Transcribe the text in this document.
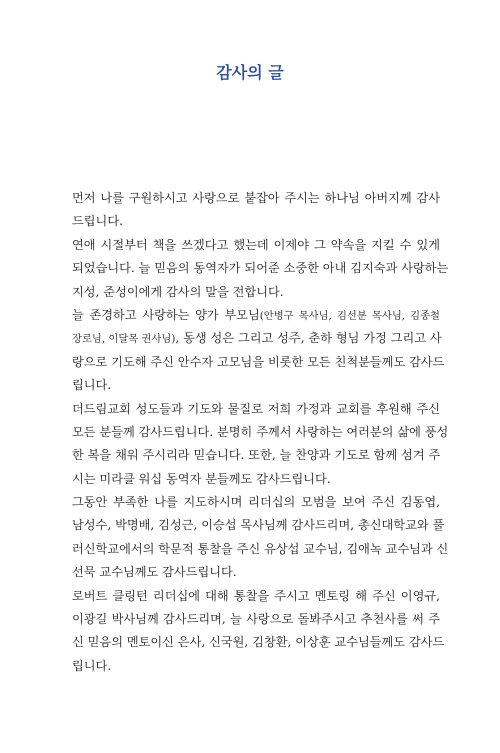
감사의 글

먼저 나를 구원하시고 사랑으로 붙잡아 주시는 하나님 아버지께 감사
드립니다.

연애 시절부터 책을 쓰겠다고 했는데 이제야 그 약속을 지킬 수 있게
되었습니다. 늘 믿음의 동역자가 되어준 소중한 아내 김지숙과 사랑하는
지성, 준성이에게 감사의 말을 전합니다.

늘 존경하고 사랑하는 양가 부모님(안병구 목사님, 김선분 목사님, 김종철
장로님, 이달목 권사님), 동생 성은 그리고 성주, 춘하 형님 가정 그리고 사
랑으로 기도해 주신 안수자 고모님을 비롯한 모든 친척분들께도 감사드
립니다.

더드림교회 성도들과 기도와 물질로 저희 가정과 교회를 후원해 주신
모든 분들께 감사드립니다. 분명히 주께서 사랑하는 여러분의 삶에 풍성
한 복을 채워 주시리라 믿습니다. 또한, 늘 찬양과 기도로 함께 섬겨 주
시는 미라클 워십 동역자 분들께도 감사드립니다.

그동안 부족한 나를 지도하시며 리더십의 모범을 보여 주신 김동엽,
남성수, 박명배, 김성근, 이승섭 목사님께 감사드리며, 총신대학교와 풀
러신학교에서의 학문적 통찰을 주신 유상섭 교수님, 김애녹 교수님과 신
선묵 교수님께도 감사드립니다.

로버트 클링턴 리더십에 대해 통찰을 주시고 멘토링 해 주신 이영규,
이광길 박사님께 감사드리며, 늘 사랑으로 돌봐주시고 추천사를 써 주
신 믿음의 멘토이신 은사, 신국원, 김창환, 이상훈 교수님들께도 감사드
립니다.
